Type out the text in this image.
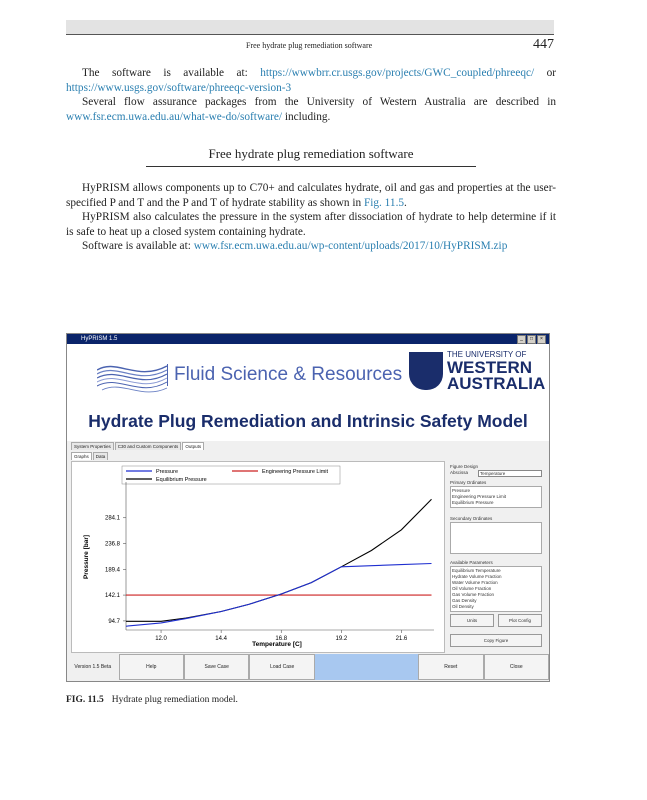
Free hydrate plug remediation software	447
The software is available at: https://wwwbrr.cr.usgs.gov/projects/GWC_coupled/phreeqc/ or https://www.usgs.gov/software/phreeqc-version-3
Several flow assurance packages from the University of Western Australia are described in www.fsr.ecm.uwa.edu.au/what-we-do/software/ including.
Free hydrate plug remediation software
HyPRISM allows components up to C70+ and calculates hydrate, oil and gas and properties at the user-specified P and T and the P and T of hydrate stability as shown in Fig. 11.5.
HyPRISM also calculates the pressure in the system after dissociation of hydrate to help determine if it is safe to heat up a closed system containing hydrate.
Software is available at: www.fsr.ecm.uwa.edu.au/wp-content/uploads/2017/10/HyPRISM.zip
HyPRISM 1.5	_	□	×
Fluid Science & Resources
THE UNIVERSITY OF
WESTERN
AUSTRALIA
Hydrate Plug Remediation and Intrinsic Safety Model
System Properties	C30 and Custom Components	Outputs
Graphs	Data
Pressure	Engineering Pressure Limit
Equilibrium Pressure
Pressure [bar]
Temperature [C]
12.0	14.4	16.8	19.2	21.6
94.7
142.1
189.4
236.8
284.1
Figure Design
Abscissa	Temperature
Primary Ordinates
Pressure
Engineering Pressure Limit
Equilibrium Pressure
Secondary Ordinates
Available Parameters
Equilibrium Temperature
Hydrate Volume Fraction
Water Volume Fraction
Oil Volume Fraction
Gas Volume Fraction
Gas Density
Oil Density
Units	Plot Config
Copy Figure
Version 1.5 Beta	Help	Save Case	Load Case	Reset	Close
FIG. 11.5 Hydrate plug remediation model.
